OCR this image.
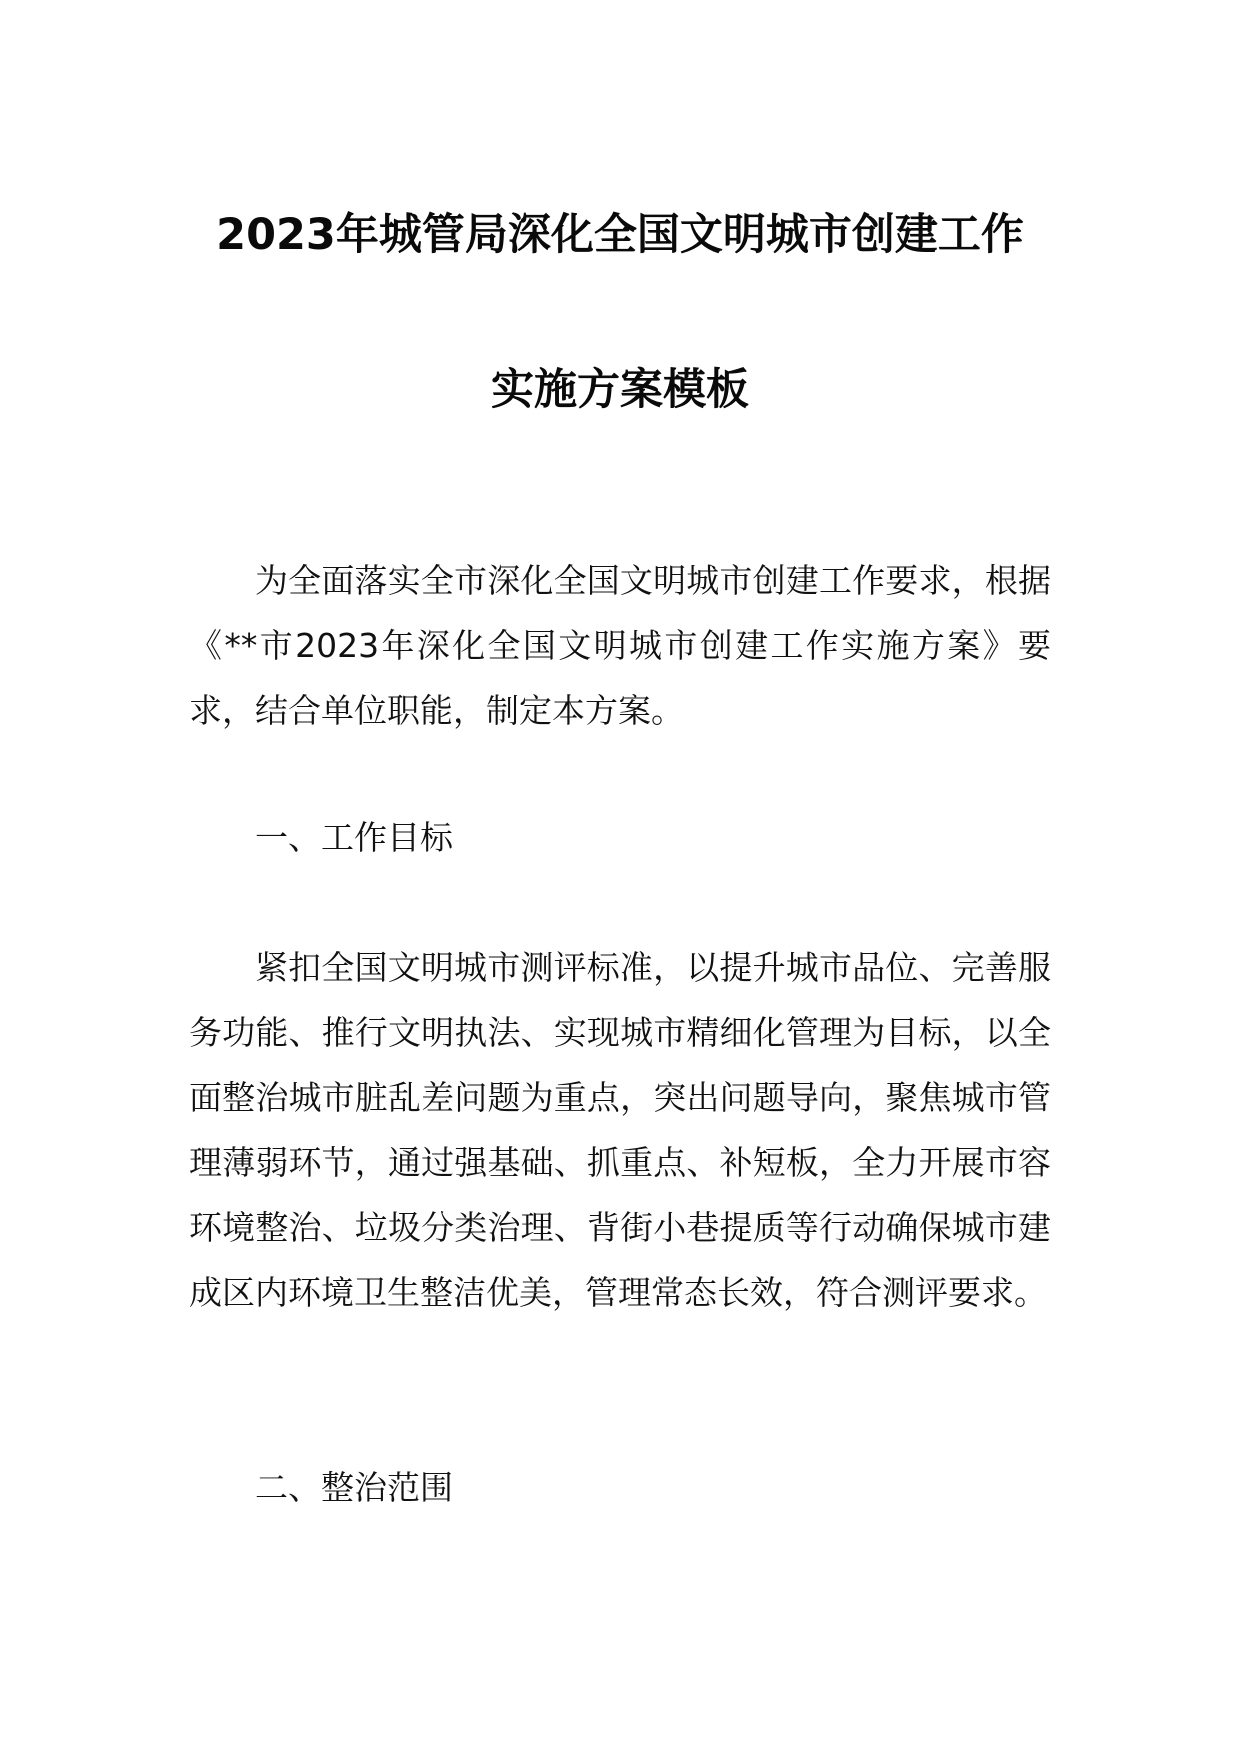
2023年城管局深化全国文明城市创建工作
实施方案模板

为全面落实全市深化全国文明城市创建工作要求，根据《**市2023年深化全国文明城市创建工作实施方案》要求，结合单位职能，制定本方案。

一、工作目标

紧扣全国文明城市测评标准，以提升城市品位、完善服务功能、推行文明执法、实现城市精细化管理为目标，以全面整治城市脏乱差问题为重点，突出问题导向，聚焦城市管理薄弱环节，通过强基础、抓重点、补短板，全力开展市容环境整治、垃圾分类治理、背街小巷提质等行动确保城市建成区内环境卫生整洁优美，管理常态长效，符合测评要求。

二、整治范围
